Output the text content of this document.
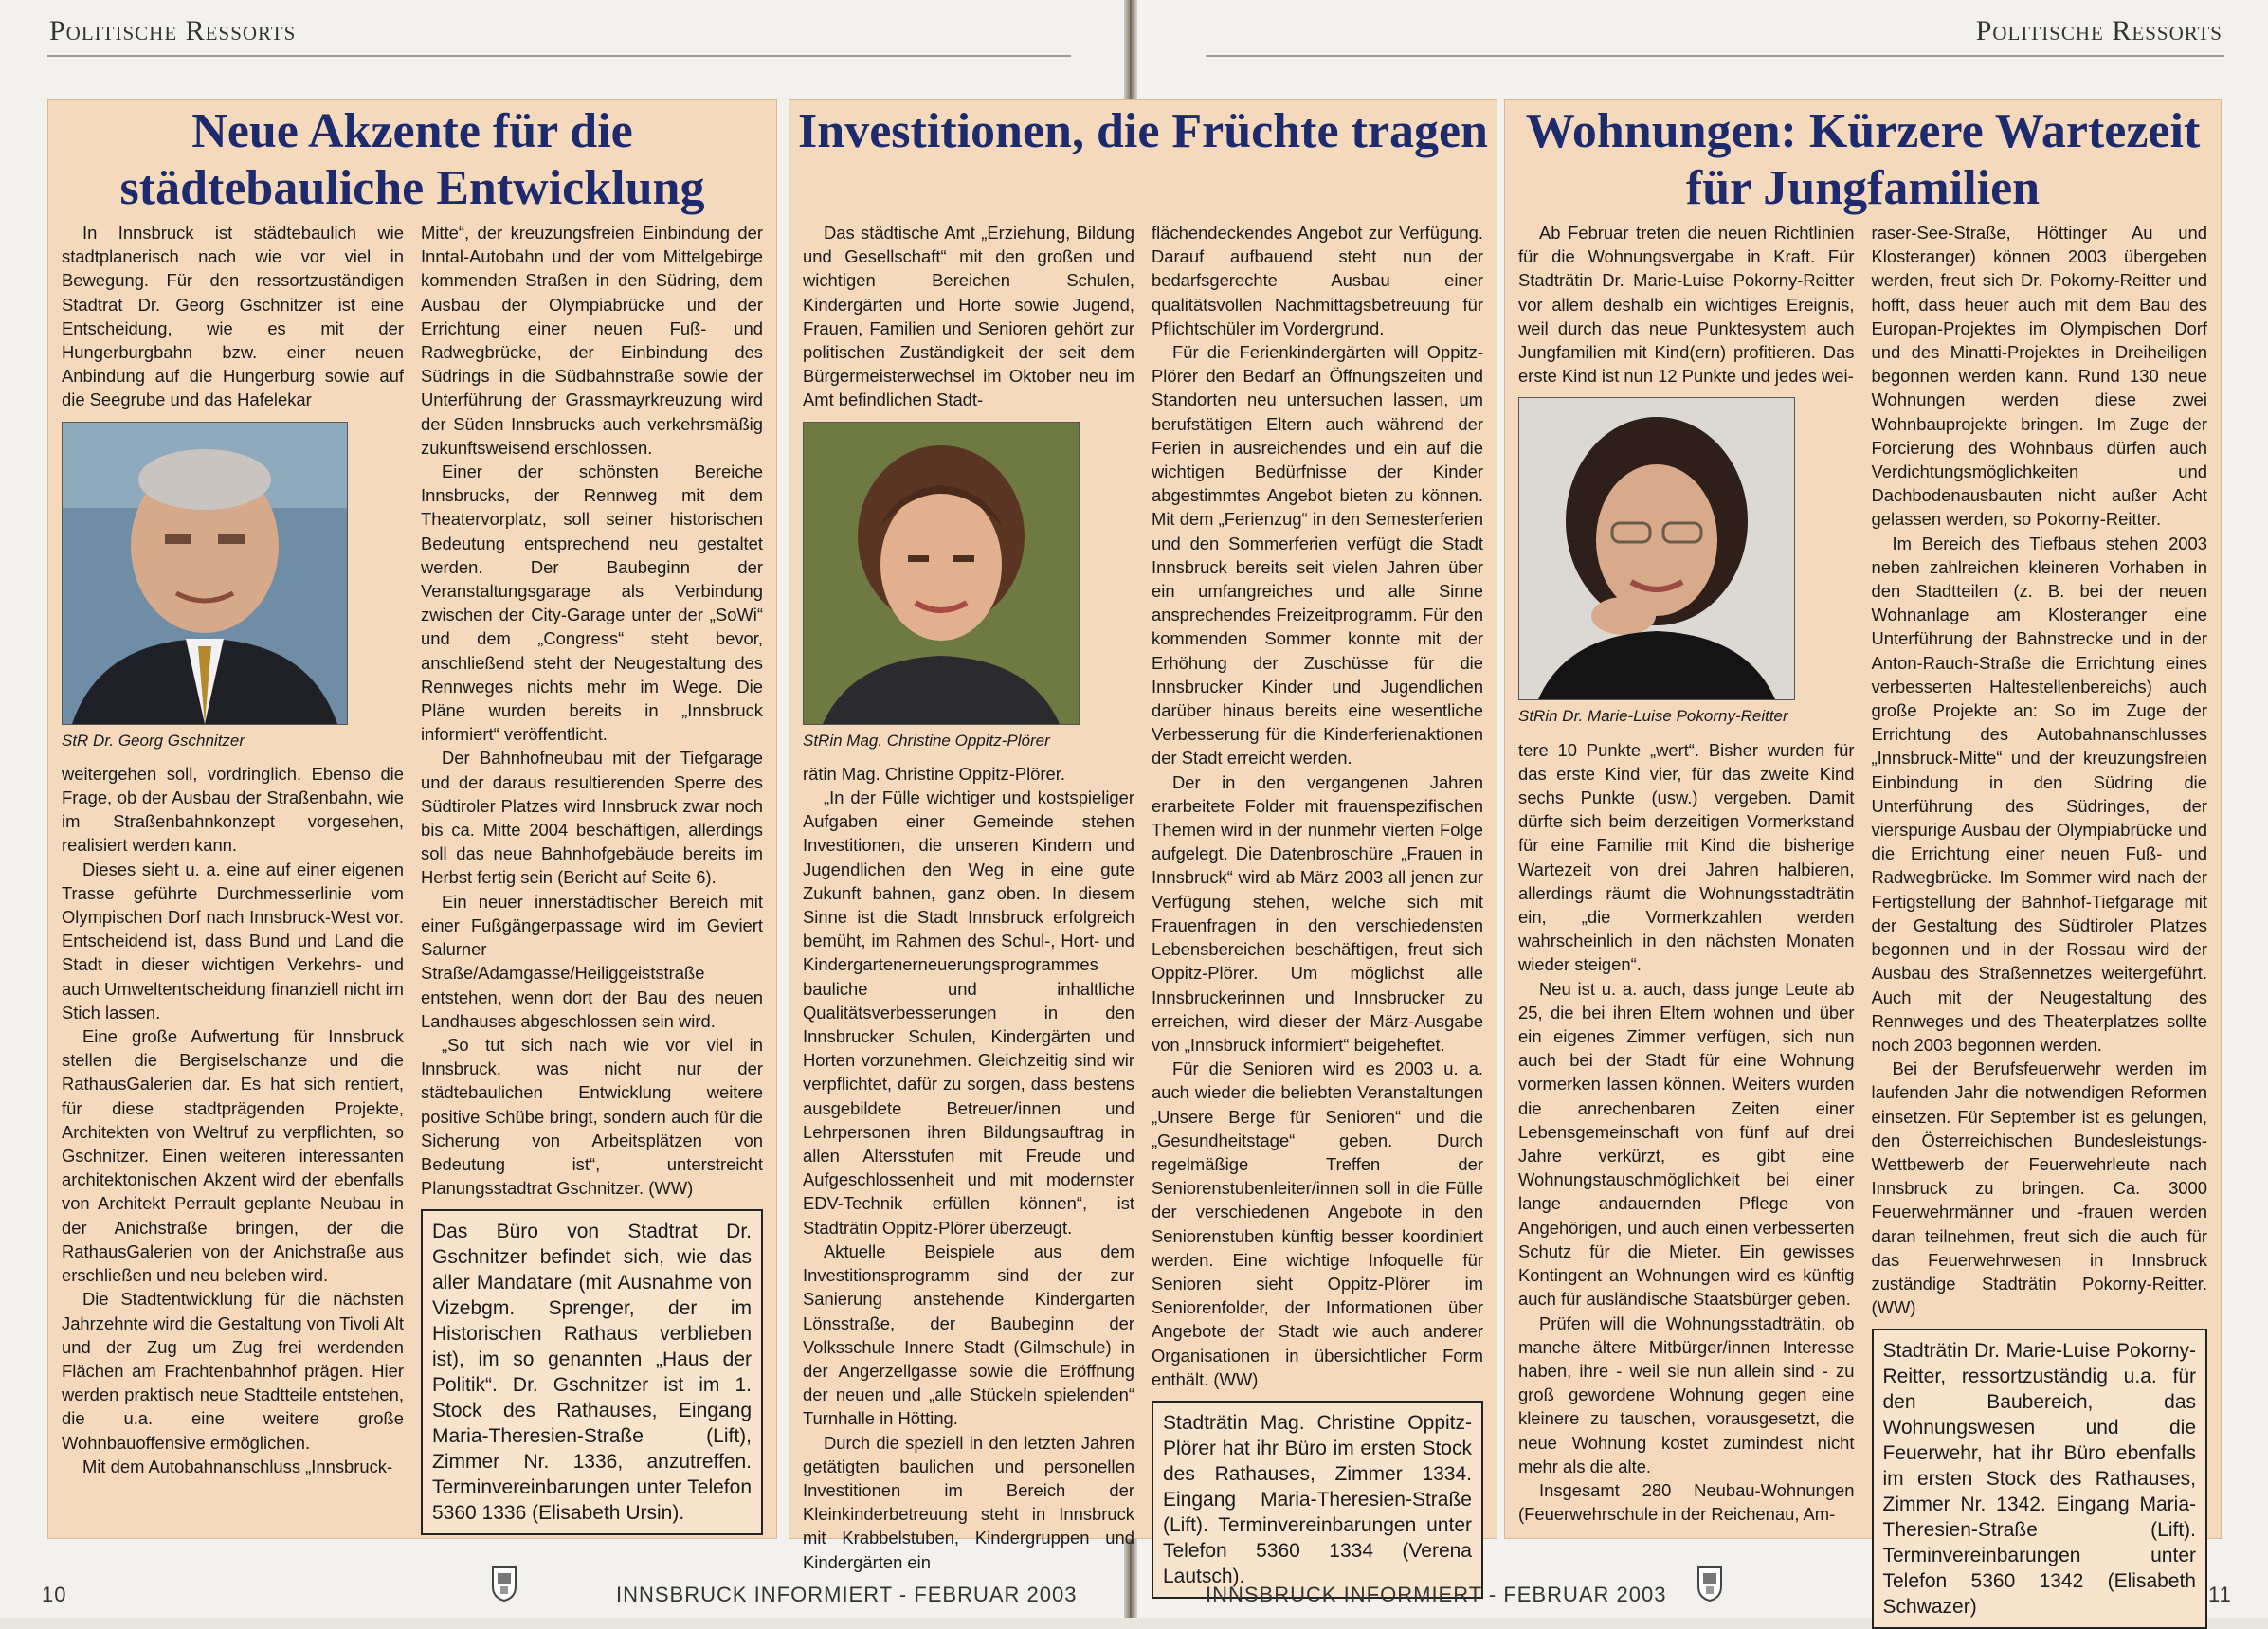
Politische Ressorts	Politische Ressorts
Neue Akzente für die städtebauliche Entwicklung

In Innsbruck ist städtebaulich wie stadtplanerisch nach wie vor viel in Bewegung. Für den ressortzuständigen Stadtrat Dr. Georg Gschnitzer ist eine Entscheidung, wie es mit der Hungerburgbahn bzw. einer neuen Anbindung auf die Hungerburg sowie auf die Seegrube und das Hafelekar

StR Dr. Georg Gschnitzer

weitergehen soll, vordringlich. Ebenso die Frage, ob der Ausbau der Straßenbahn, wie im Straßenbahnkonzept vorgesehen, realisiert werden kann.

Dieses sieht u. a. eine auf einer eigenen Trasse geführte Durchmesserlinie vom Olympischen Dorf nach Innsbruck-West vor. Entscheidend ist, dass Bund und Land die Stadt in dieser wichtigen Verkehrs- und auch Umweltentscheidung finanziell nicht im Stich lassen.

Eine große Aufwertung für Innsbruck stellen die Bergiselschanze und die RathausGalerien dar. Es hat sich rentiert, für diese stadtprägenden Projekte, Architekten von Weltruf zu verpflichten, so Gschnitzer. Einen weiteren interessanten architektonischen Akzent wird der ebenfalls von Architekt Perrault geplante Neubau in der Anichstraße bringen, der die RathausGalerien von der Anichstraße aus erschließen und neu beleben wird.

Die Stadtentwicklung für die nächsten Jahrzehnte wird die Gestaltung von Tivoli Alt und der Zug um Zug frei werdenden Flächen am Frachtenbahnhof prägen. Hier werden praktisch neue Stadtteile entstehen, die u.a. eine weitere große Wohnbauoffensive ermöglichen.

Mit dem Autobahnanschluss „Innsbruck-

Mitte“, der kreuzungsfreien Einbindung der Inntal-Autobahn und der vom Mittelgebirge kommenden Straßen in den Südring, dem Ausbau der Olympiabrücke und der Errichtung einer neuen Fuß- und Radwegbrücke, der Einbindung des Südrings in die Südbahnstraße sowie der Unterführung der Grassmayrkreuzung wird der Süden Innsbrucks auch verkehrsmäßig zukunftsweisend erschlossen.

Einer der schönsten Bereiche Innsbrucks, der Rennweg mit dem Theatervorplatz, soll seiner historischen Bedeutung entsprechend neu gestaltet werden. Der Baubeginn der Veranstaltungsgarage als Verbindung zwischen der City-Garage unter der „SoWi“ und dem „Congress“ steht bevor, anschließend steht der Neugestaltung des Rennweges nichts mehr im Wege. Die Pläne wurden bereits in „Innsbruck informiert“ veröffentlicht.

Der Bahnhofneubau mit der Tiefgarage und der daraus resultierenden Sperre des Südtiroler Platzes wird Innsbruck zwar noch bis ca. Mitte 2004 beschäftigen, allerdings soll das neue Bahnhofgebäude bereits im Herbst fertig sein (Bericht auf Seite 6).

Ein neuer innerstädtischer Bereich mit einer Fußgängerpassage wird im Geviert Salurner Straße/Adamgasse/Heiliggeiststraße entstehen, wenn dort der Bau des neuen Landhauses abgeschlossen sein wird.

„So tut sich nach wie vor viel in Innsbruck, was nicht nur der städtebaulichen Entwicklung weitere positive Schübe bringt, sondern auch für die Sicherung von Arbeitsplätzen von Bedeutung ist“, unterstreicht Planungsstadtrat Gschnitzer. (WW)

Das Büro von Stadtrat Dr. Gschnitzer befindet sich, wie das aller Mandatare (mit Ausnahme von Vizebgm. Sprenger, der im Historischen Rathaus verblieben ist), im so genannten „Haus der Politik“. Dr. Gschnitzer ist im 1. Stock des Rathauses, Eingang Maria-Theresien-Straße (Lift), Zimmer Nr. 1336, anzutreffen. Terminvereinbarungen unter Telefon 5360 1336 (Elisabeth Ursin).
Investitionen, die Früchte tragen

Das städtische Amt „Erziehung, Bildung und Gesellschaft“ mit den großen und wichtigen Bereichen Schulen, Kindergärten und Horte sowie Jugend, Frauen, Familien und Senioren gehört zur politischen Zuständigkeit der seit dem Bürgermeisterwechsel im Oktober neu im Amt befindlichen Stadt-

StRin Mag. Christine Oppitz-Plörer

rätin Mag. Christine Oppitz-Plörer.

„In der Fülle wichtiger und kostspieliger Aufgaben einer Gemeinde stehen Investitionen, die unseren Kindern und Jugendlichen den Weg in eine gute Zukunft bahnen, ganz oben. In diesem Sinne ist die Stadt Innsbruck erfolgreich bemüht, im Rahmen des Schul-, Hort- und Kindergartenerneuerungsprogrammes bauliche und inhaltliche Qualitätsverbesserungen in den Innsbrucker Schulen, Kindergärten und Horten vorzunehmen. Gleichzeitig sind wir verpflichtet, dafür zu sorgen, dass bestens ausgebildete Betreuer/innen und Lehrpersonen ihren Bildungsauftrag in allen Altersstufen mit Freude und Aufgeschlossenheit und mit modernster EDV-Technik erfüllen können“, ist Stadträtin Oppitz-Plörer überzeugt.

Aktuelle Beispiele aus dem Investitionsprogramm sind der zur Sanierung anstehende Kindergarten Lönsstraße, der Baubeginn der Volksschule Innere Stadt (Gilmschule) in der Angerzellgasse sowie die Eröffnung der neuen und „alle Stückeln spielenden“ Turnhalle in Hötting.

Durch die speziell in den letzten Jahren getätigten baulichen und personellen Investitionen im Bereich der Kleinkinderbetreuung steht in Innsbruck mit Krabbelstuben, Kindergruppen und Kindergärten ein

flächendeckendes Angebot zur Verfügung. Darauf aufbauend steht nun der bedarfsgerechte Ausbau einer qualitätsvollen Nachmittagsbetreuung für Pflichtschüler im Vordergrund.

Für die Ferienkindergärten will Oppitz-Plörer den Bedarf an Öffnungszeiten und Standorten neu untersuchen lassen, um berufstätigen Eltern auch während der Ferien in ausreichendes und ein auf die wichtigen Bedürfnisse der Kinder abgestimmtes Angebot bieten zu können. Mit dem „Ferienzug“ in den Semesterferien und den Sommerferien verfügt die Stadt Innsbruck bereits seit vielen Jahren über ein umfangreiches und alle Sinne ansprechendes Freizeitprogramm. Für den kommenden Sommer konnte mit der Erhöhung der Zuschüsse für die Innsbrucker Kinder und Jugendlichen darüber hinaus bereits eine wesentliche Verbesserung für die Kinderferienaktionen der Stadt erreicht werden.

Der in den vergangenen Jahren erarbeitete Folder mit frauenspezifischen Themen wird in der nunmehr vierten Folge aufgelegt. Die Datenbroschüre „Frauen in Innsbruck“ wird ab März 2003 all jenen zur Verfügung stehen, welche sich mit Frauenfragen in den verschiedensten Lebensbereichen beschäftigen, freut sich Oppitz-Plörer. Um möglichst alle Innsbruckerinnen und Innsbrucker zu erreichen, wird dieser der März-Ausgabe von „Innsbruck informiert“ beigeheftet.

Für die Senioren wird es 2003 u. a. auch wieder die beliebten Veranstaltungen „Unsere Berge für Senioren“ und die „Gesundheitstage“ geben. Durch regelmäßige Treffen der Seniorenstubenleiter/innen soll in die Fülle der verschiedenen Angebote in den Seniorenstuben künftig besser koordiniert werden. Eine wichtige Infoquelle für Senioren sieht Oppitz-Plörer im Seniorenfolder, der Informationen über Angebote der Stadt wie auch anderer Organisationen in übersichtlicher Form enthält. (WW)

Stadträtin Mag. Christine Oppitz-Plörer hat ihr Büro im ersten Stock des Rathauses, Zimmer 1334. Eingang Maria-Theresien-Straße (Lift). Terminvereinbarungen unter Telefon 5360 1334 (Verena Lautsch).
Wohnungen: Kürzere Wartezeit für Jungfamilien

Ab Februar treten die neuen Richtlinien für die Wohnungsvergabe in Kraft. Für Stadträtin Dr. Marie-Luise Pokorny-Reitter vor allem deshalb ein wichtiges Ereignis, weil durch das neue Punktesystem auch Jungfamilien mit Kind(ern) profitieren. Das erste Kind ist nun 12 Punkte und jedes wei-

StRin Dr. Marie-Luise Pokorny-Reitter

tere 10 Punkte „wert“. Bisher wurden für das erste Kind vier, für das zweite Kind sechs Punkte (usw.) vergeben. Damit dürfte sich beim derzeitigen Vormerkstand für eine Familie mit Kind die bisherige Wartezeit von drei Jahren halbieren, allerdings räumt die Wohnungsstadträtin ein, „die Vormerkzahlen werden wahrscheinlich in den nächsten Monaten wieder steigen“.

Neu ist u. a. auch, dass junge Leute ab 25, die bei ihren Eltern wohnen und über ein eigenes Zimmer verfügen, sich nun auch bei der Stadt für eine Wohnung vormerken lassen können. Weiters wurden die anrechenbaren Zeiten einer Lebensgemeinschaft von fünf auf drei Jahre verkürzt, es gibt eine Wohnungstauschmöglichkeit bei einer lange andauernden Pflege von Angehörigen, und auch einen verbesserten Schutz für die Mieter. Ein gewisses Kontingent an Wohnungen wird es künftig auch für ausländische Staatsbürger geben.

Prüfen will die Wohnungsstadträtin, ob manche ältere Mitbürger/innen Interesse haben, ihre - weil sie nun allein sind - zu groß gewordene Wohnung gegen eine kleinere zu tauschen, vorausgesetzt, die neue Wohnung kostet zumindest nicht mehr als die alte.

Insgesamt 280 Neubau-Wohnungen (Feuerwehrschule in der Reichenau, Am-

raser-See-Straße, Höttinger Au und Klosteranger) können 2003 übergeben werden, freut sich Dr. Pokorny-Reitter und hofft, dass heuer auch mit dem Bau des Europan-Projektes im Olympischen Dorf und des Minatti-Projektes in Dreiheiligen begonnen werden kann. Rund 130 neue Wohnungen werden diese zwei Wohnbauprojekte bringen. Im Zuge der Forcierung des Wohnbaus dürfen auch Verdichtungsmöglichkeiten und Dachbodenausbauten nicht außer Acht gelassen werden, so Pokorny-Reitter.

Im Bereich des Tiefbaus stehen 2003 neben zahlreichen kleineren Vorhaben in den Stadtteilen (z. B. bei der neuen Wohnanlage am Klosteranger eine Unterführung der Bahnstrecke und in der Anton-Rauch-Straße die Errichtung eines verbesserten Haltestellenbereichs) auch große Projekte an: So im Zuge der Errichtung des Autobahnanschlusses „Innsbruck-Mitte“ und der kreuzungsfreien Einbindung in den Südring die Unterführung des Südringes, der vierspurige Ausbau der Olympiabrücke und die Errichtung einer neuen Fuß- und Radwegbrücke. Im Sommer wird nach der Fertigstellung der Bahnhof-Tiefgarage mit der Gestaltung des Südtiroler Platzes begonnen und in der Rossau wird der Ausbau des Straßennetzes weitergeführt. Auch mit der Neugestaltung des Rennweges und des Theaterplatzes sollte noch 2003 begonnen werden.

Bei der Berufsfeuerwehr werden im laufenden Jahr die notwendigen Reformen einsetzen. Für September ist es gelungen, den Österreichischen Bundesleistungs-Wettbewerb der Feuerwehrleute nach Innsbruck zu bringen. Ca. 3000 Feuerwehrmänner und -frauen werden daran teilnehmen, freut sich die auch für das Feuerwehrwesen in Innsbruck zuständige Stadträtin Pokorny-Reitter. (WW)

Stadträtin Dr. Marie-Luise Pokorny-Reitter, ressortzuständig u.a. für den Baubereich, das Wohnungswesen und die Feuerwehr, hat ihr Büro ebenfalls im ersten Stock des Rathauses, Zimmer Nr. 1342. Eingang Maria-Theresien-Straße (Lift). Terminvereinbarungen unter Telefon 5360 1342 (Elisabeth Schwazer)
10	INNSBRUCK INFORMIERT - FEBRUAR 2003	INNSBRUCK INFORMIERT - FEBRUAR 2003	11
